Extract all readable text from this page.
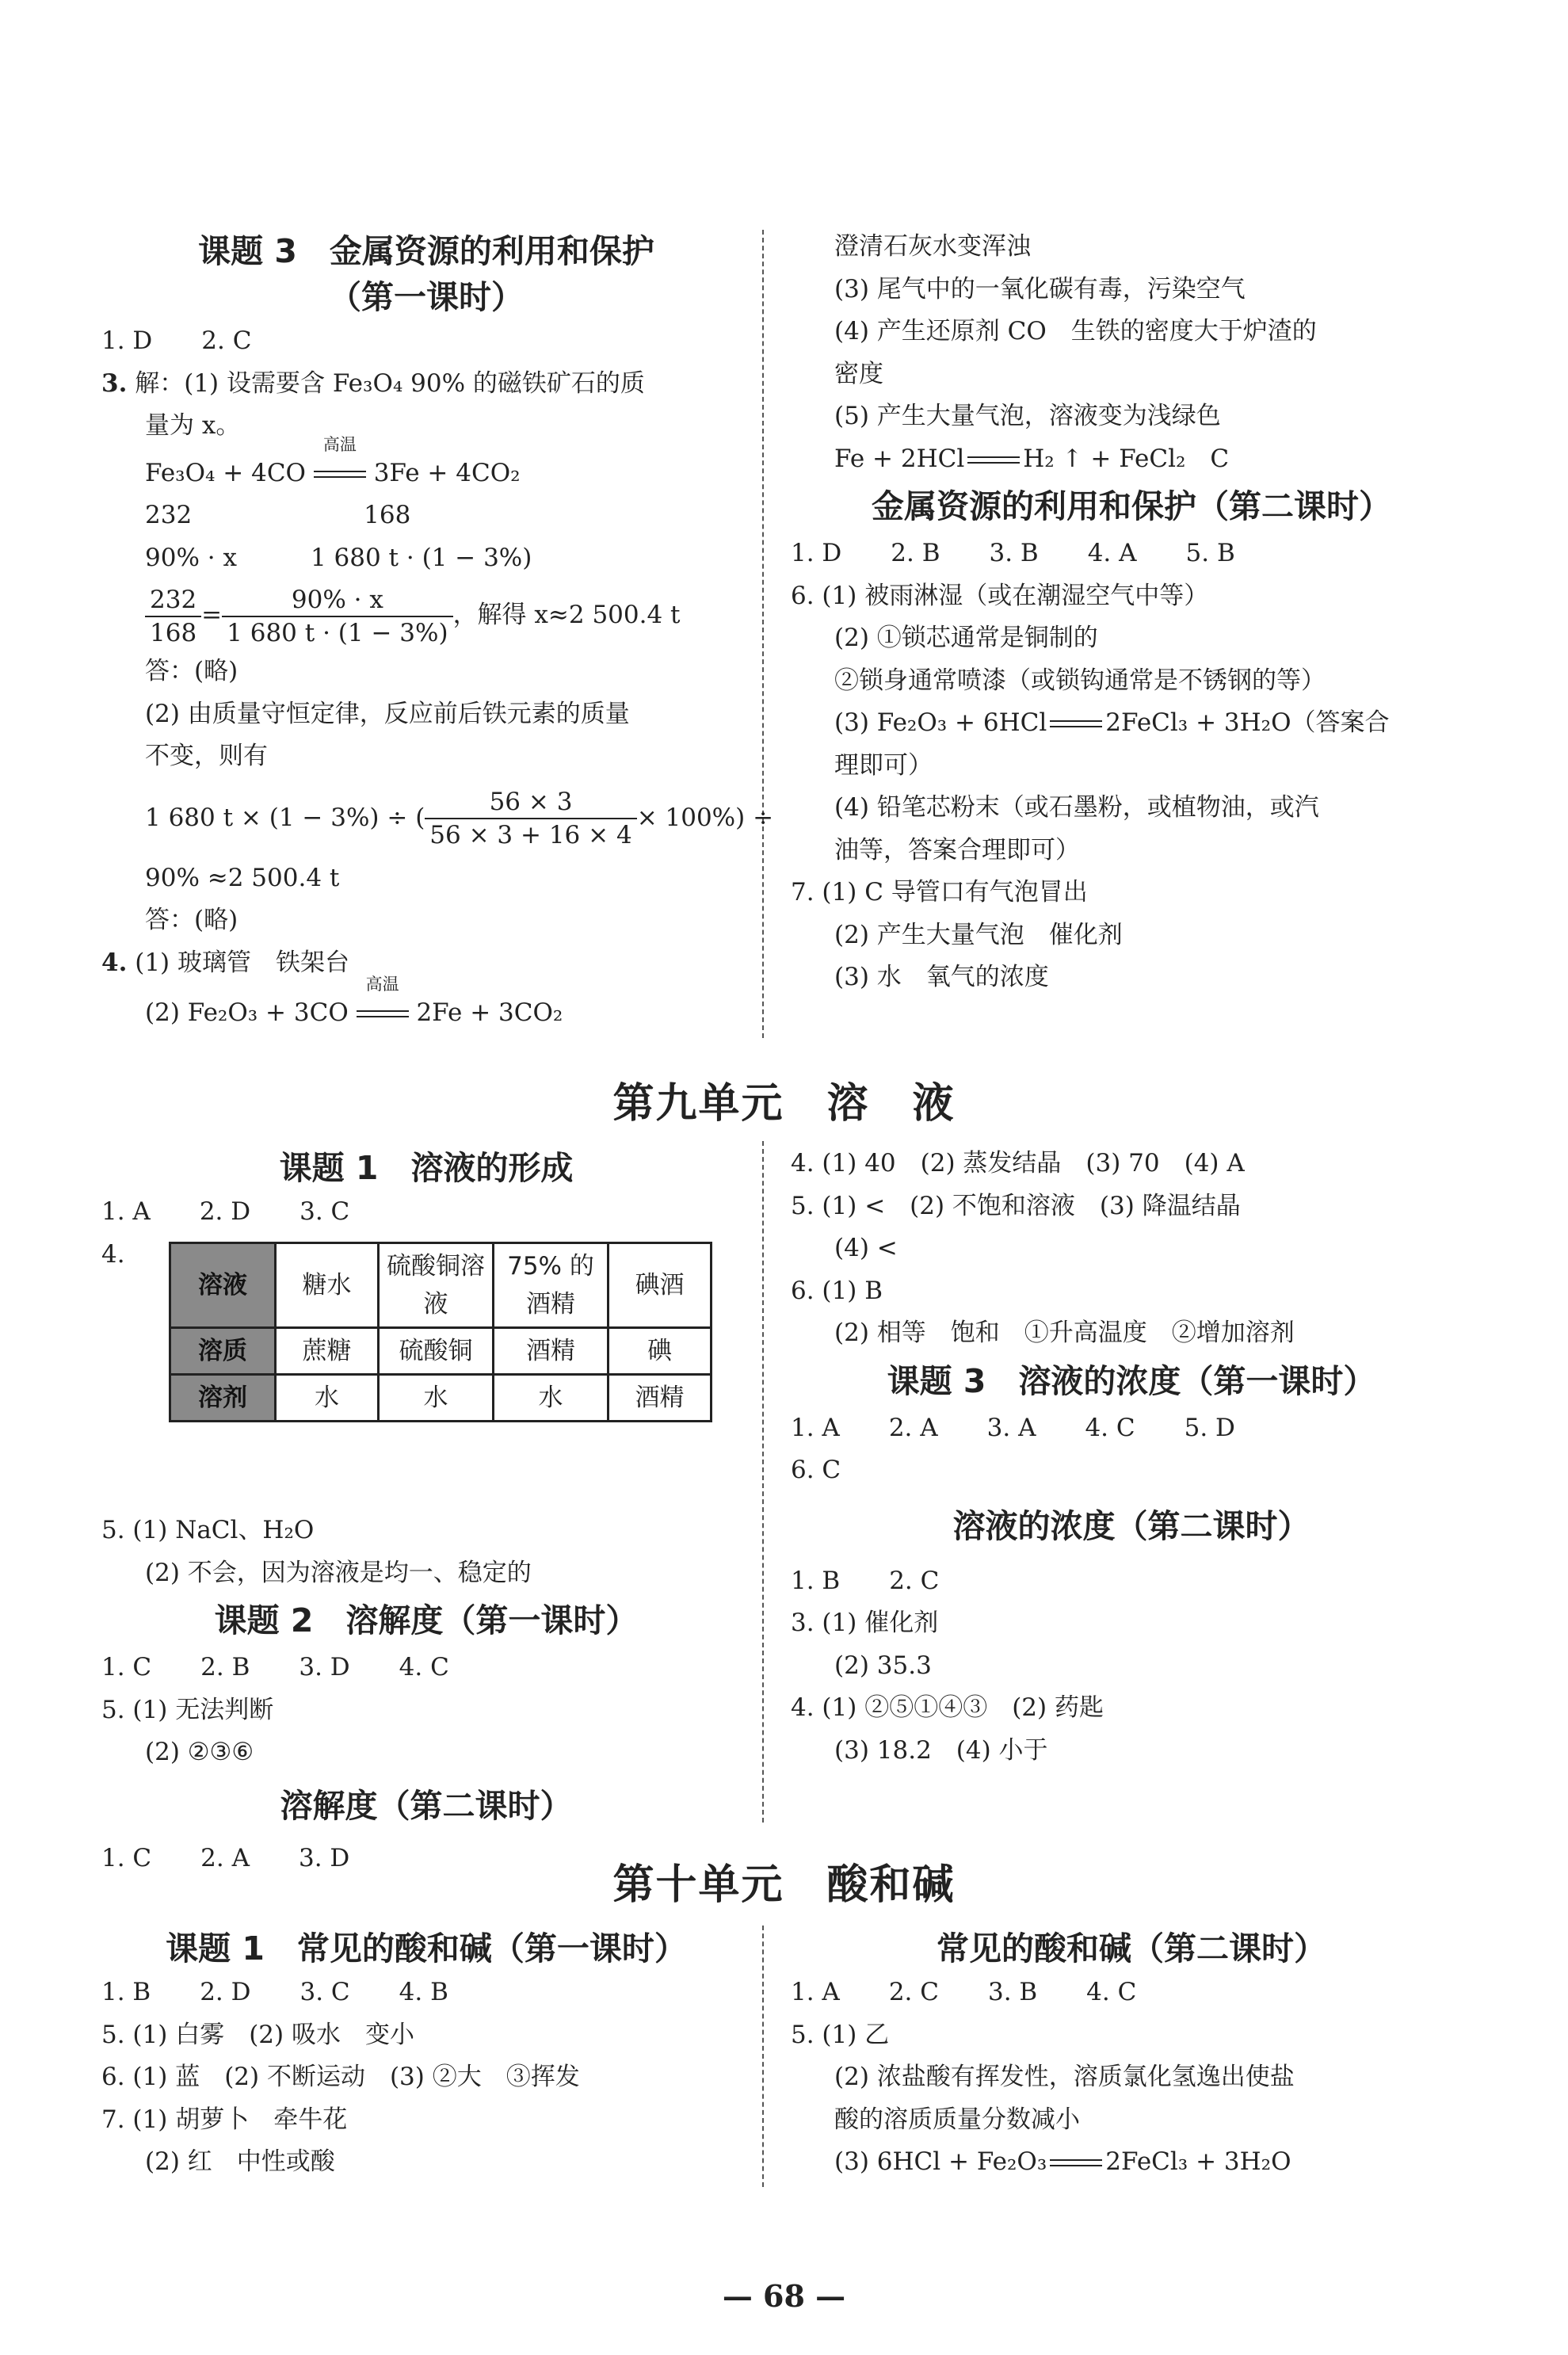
课题 3　金属资源的利用和保护
（第一课时）
1. D　　2. C
3. 解：(1) 设需要含 Fe₃O₄ 90% 的磁铁矿石的质
量为 x。
Fe₃O₄ + 4CO
高温
3Fe + 4CO₂
232　　　　　　　168
90% · x　　　1 680 t · (1 − 3%)
$\frac{232}{168} = \frac{90\% \cdot x}{1 680 t \cdot (1 - 3\%)}$ ，解得 x≈2 500.4 t
答：(略)
(2) 由质量守恒定律，反应前后铁元素的质量
不变，则有
1 680 t × (1 − 3%) ÷ ( $\frac{56 \times 3}{56 \times 3 + 16 \times 4} \times 100\%$) ÷
90% ≈2 500.4 t
答：(略)
4. (1) 玻璃管　铁架台
(2) Fe₂O₃ + 3CO
高温
2Fe + 3CO₂
澄清石灰水变浑浊
(3) 尾气中的一氧化碳有毒，污染空气
(4) 产生还原剂 CO　生铁的密度大于炉渣的
密度
(5) 产生大量气泡，溶液变为浅绿色
Fe + 2HCl H₂ ↑ + FeCl₂　C
金属资源的利用和保护（第二课时）
1. D　　2. B　　3. B　　4. A　　5. B
6. (1) 被雨淋湿（或在潮湿空气中等）
(2) ①锁芯通常是铜制的
②锁身通常喷漆（或锁钩通常是不锈钢的等）
(3) Fe₂O₃ + 6HCl 2FeCl₃ + 3H₂O（答案合
理即可）
(4) 铅笔芯粉末（或石墨粉，或植物油，或汽
油等，答案合理即可）
7. (1) C 导管口有气泡冒出
(2) 产生大量气泡　催化剂
(3) 水　氧气的浓度
第九单元　溶　液
课题 1　溶液的形成
1. A　　2. D　　3. C
4.
溶液	糖水	硫酸铜溶液	75% 的酒精	碘酒
溶质	蔗糖	硫酸铜	酒精	碘
溶剂	水	水	水	酒精
5. (1) NaCl、H₂O
(2) 不会，因为溶液是均一、稳定的
课题 2　溶解度（第一课时）
1. C　　2. B　　3. D　　4. C
5. (1) 无法判断
(2) ②③⑥
溶解度（第二课时）
1. C　　2. A　　3. D
4. (1) 40　(2) 蒸发结晶　(3) 70　(4) A
5. (1) <　(2) 不饱和溶液　(3) 降温结晶
(4) <
6. (1) B
(2) 相等　饱和　①升高温度　②增加溶剂
课题 3　溶液的浓度（第一课时）
1. A　　2. A　　3. A　　4. C　　5. D
6. C
溶液的浓度（第二课时）
1. B　　2. C
3. (1) 催化剂
(2) 35.3
4. (1) ②⑤①④③　(2) 药匙
(3) 18.2　(4) 小于
第十单元　酸和碱
课题 1　常见的酸和碱（第一课时）
1. B　　2. D　　3. C　　4. B
5. (1) 白雾　(2) 吸水　变小
6. (1) 蓝　(2) 不断运动　(3) ②大　③挥发
7. (1) 胡萝卜　牵牛花
(2) 红　中性或酸
常见的酸和碱（第二课时）
1. A　　2. C　　3. B　　4. C
5. (1) 乙
(2) 浓盐酸有挥发性，溶质氯化氢逸出使盐
酸的溶质质量分数减小
(3) 6HCl + Fe₂O₃ 2FeCl₃ + 3H₂O
— 68 —
